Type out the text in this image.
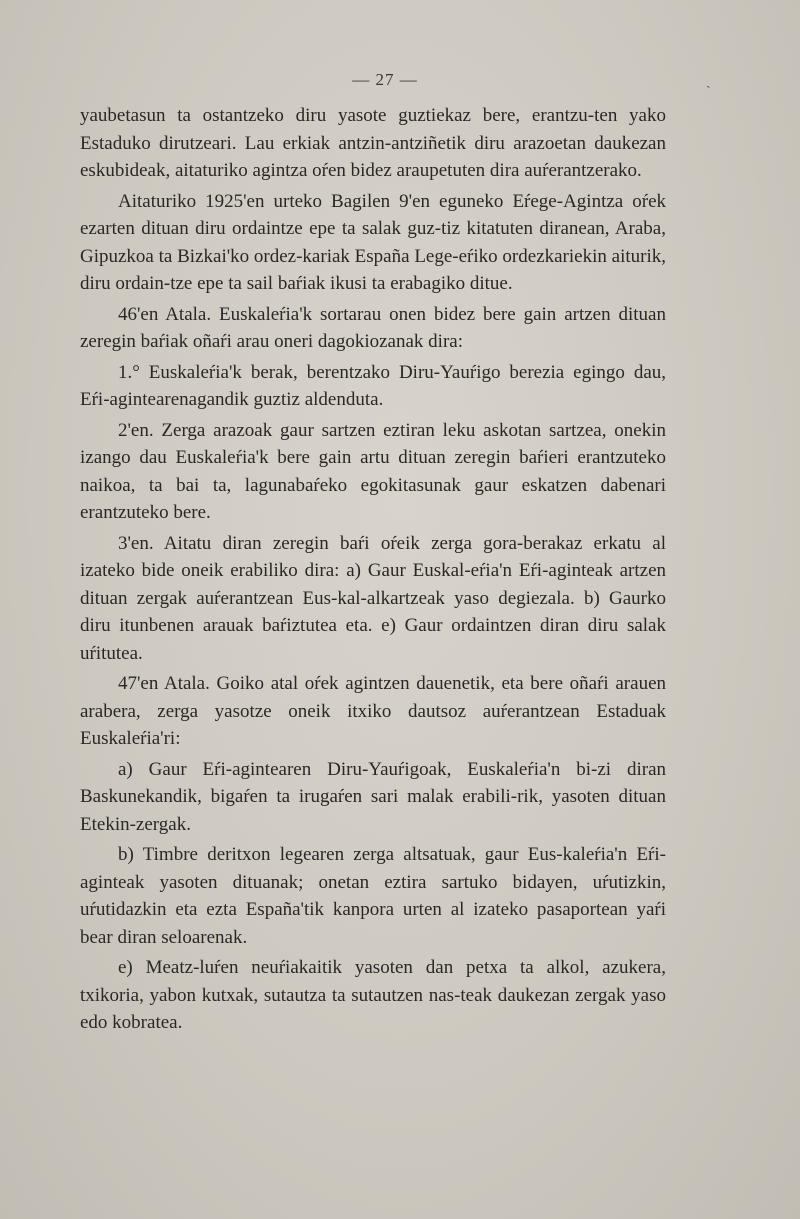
ˎ
— 27 —

yaubetasun ta ostantzeko diru yasote guztiekaz bere, erantzu-ten yako Estaduko dirutzeari. Lau erkiak antzin-antziñetik diru arazoetan daukezan eskubideak, aitaturiko agintza oŕen bidez araupetuten dira auŕerantzerako.

Aitaturiko 1925'en urteko Bagilen 9'en eguneko Eŕege-Agintza oŕek ezarten dituan diru ordaintze epe ta salak guz-tiz kitatuten diranean, Araba, Gipuzkoa ta Bizkai'ko ordez-kariak España Lege-eŕiko ordezkariekin aiturik, diru ordain-tze epe ta sail baŕiak ikusi ta erabagiko ditue.

46'en Atala. Euskaleŕia'k sortarau onen bidez bere gain artzen dituan zeregin baŕiak oñaŕi arau oneri dagokiozanak dira:

1.° Euskaleŕia'k berak, berentzako Diru-Yauŕigo berezia egingo dau, Eŕi-agintearenagandik guztiz aldenduta.

2'en. Zerga arazoak gaur sartzen eztiran leku askotan sartzea, onekin izango dau Euskaleŕia'k bere gain artu dituan zeregin baŕieri erantzuteko naikoa, ta bai ta, lagunabaŕeko egokitasunak gaur eskatzen dabenari erantzuteko bere.

3'en. Aitatu diran zeregin baŕi oŕeik zerga gora-berakaz erkatu al izateko bide oneik erabiliko dira: a) Gaur Euskal-eŕia'n Eŕi-aginteak artzen dituan zergak auŕerantzean Eus-kal-alkartzeak yaso degiezala. b) Gaurko diru itunbenen arauak baŕiztutea eta. e) Gaur ordaintzen diran diru salak uŕitutea.

47'en Atala. Goiko atal oŕek agintzen dauenetik, eta bere oñaŕi arauen arabera, zerga yasotze oneik itxiko dautsoz auŕerantzean Estaduak Euskaleŕia'ri:

a) Gaur Eŕi-agintearen Diru-Yauŕigoak, Euskaleŕia'n bi-zi diran Baskunekandik, bigaŕen ta irugaŕen sari malak erabili-rik, yasoten dituan Etekin-zergak.

b) Timbre deritxon legearen zerga altsatuak, gaur Eus-kaleŕia'n Eŕi-aginteak yasoten dituanak; onetan eztira sartuko bidayen, uŕutizkin, uŕutidazkin eta ezta España'tik kanpora urten al izateko pasaportean yaŕi bear diran seloarenak.

e) Meatz-luŕen neuŕiakaitik yasoten dan petxa ta alkol, azukera, txikoria, yabon kutxak, sutautza ta sutautzen nas-teak daukezan zergak yaso edo kobratea.
